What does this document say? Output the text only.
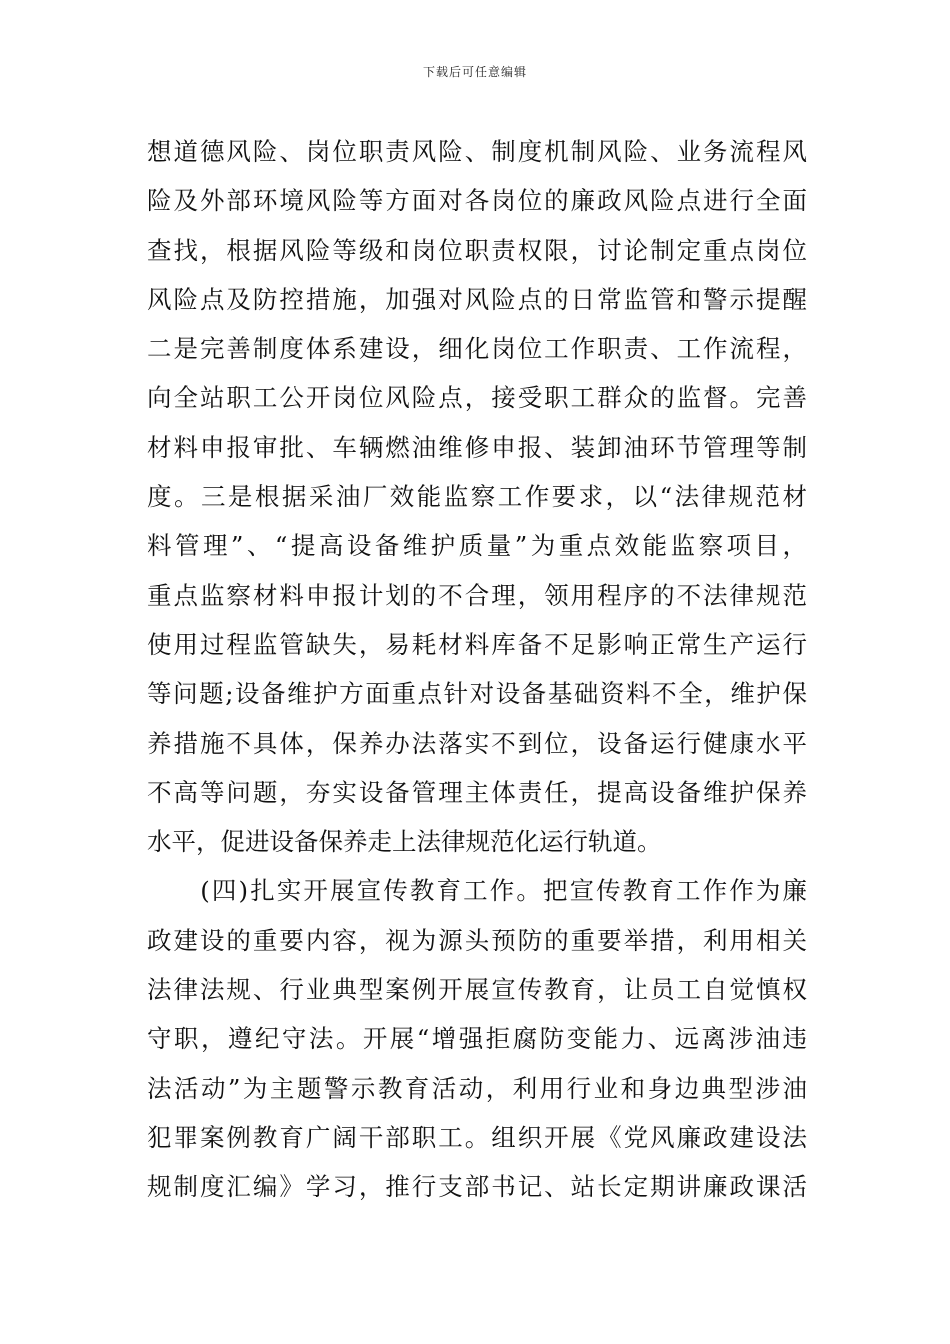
下载后可任意编辑
想道德风险、岗位职责风险、制度机制风险、业务流程风
险及外部环境风险等方面对各岗位的廉政风险点进行全面
查找，根据风险等级和岗位职责权限，讨论制定重点岗位
风险点及防控措施，加强对风险点的日常监管和警示提醒
二是完善制度体系建设，细化岗位工作职责、工作流程，
向全站职工公开岗位风险点，接受职工群众的监督。完善
材料申报审批、车辆燃油维修申报、装卸油环节管理等制
度。三是根据采油厂效能监察工作要求，以“法律规范材
料管理”、“提高设备维护质量”为重点效能监察项目，
重点监察材料申报计划的不合理，领用程序的不法律规范
使用过程监管缺失，易耗材料库备不足影响正常生产运行
等问题;设备维护方面重点针对设备基础资料不全，维护保
养措施不具体，保养办法落实不到位，设备运行健康水平
不高等问题，夯实设备管理主体责任，提高设备维护保养
水平，促进设备保养走上法律规范化运行轨道。
　　(四)扎实开展宣传教育工作。把宣传教育工作作为廉
政建设的重要内容，视为源头预防的重要举措，利用相关
法律法规、行业典型案例开展宣传教育，让员工自觉慎权
守职，遵纪守法。开展“增强拒腐防变能力、远离涉油违
法活动”为主题警示教育活动，利用行业和身边典型涉油
犯罪案例教育广阔干部职工。组织开展《党风廉政建设法
规制度汇编》学习，推行支部书记、站长定期讲廉政课活
